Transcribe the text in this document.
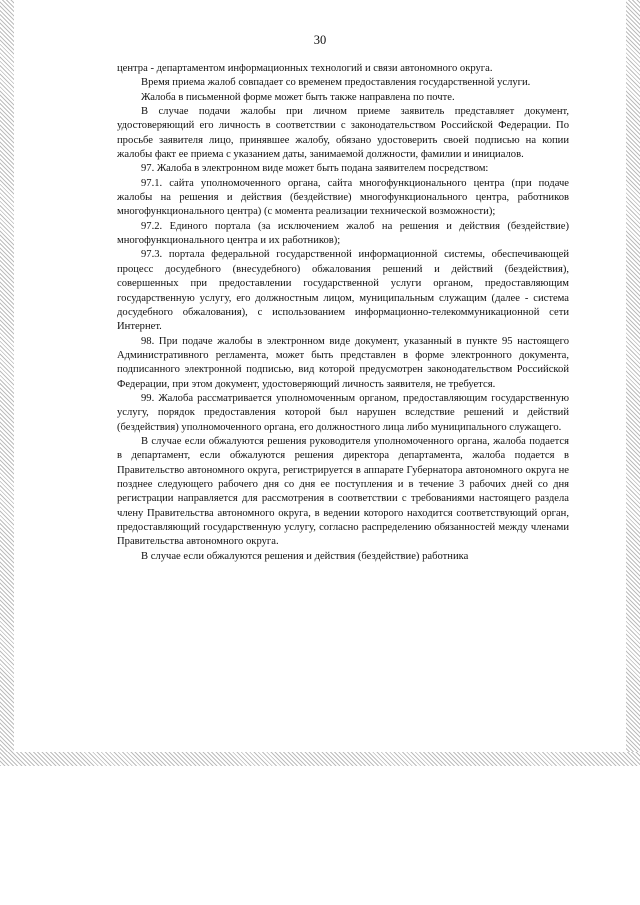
30

центра - департаментом информационных технологий и связи автономного округа.

Время приема жалоб совпадает со временем предоставления государственной услуги.

Жалоба в письменной форме может быть также направлена по почте.

В случае подачи жалобы при личном приеме заявитель представляет документ, удостоверяющий его личность в соответствии с законодательством Российской Федерации. По просьбе заявителя лицо, принявшее жалобу, обязано удостоверить своей подписью на копии жалобы факт ее приема с указанием даты, занимаемой должности, фамилии и инициалов.

97. Жалоба в электронном виде может быть подана заявителем посредством:

97.1. сайта уполномоченного органа, сайта многофункционального центра (при подаче жалобы на решения и действия (бездействие) многофункционального центра, работников многофункционального центра) (с момента реализации технической возможности);

97.2. Единого портала (за исключением жалоб на решения и действия (бездействие) многофункционального центра и их работников);

97.3. портала федеральной государственной информационной системы, обеспечивающей процесс досудебного (внесудебного) обжалования решений и действий (бездействия), совершенных при предоставлении государственной услуги органом, предоставляющим государственную услугу, его должностным лицом, муниципальным служащим (далее - система досудебного обжалования), с использованием информационно-телекоммуникационной сети Интернет.

98. При подаче жалобы в электронном виде документ, указанный в пункте 95 настоящего Административного регламента, может быть представлен в форме электронного документа, подписанного электронной подписью, вид которой предусмотрен законодательством Российской Федерации, при этом документ, удостоверяющий личность заявителя, не требуется.

99. Жалоба рассматривается уполномоченным органом, предоставляющим государственную услугу, порядок предоставления которой был нарушен вследствие решений и действий (бездействия) уполномоченного органа, его должностного лица либо муниципального служащего.

В случае если обжалуются решения руководителя уполномоченного органа, жалоба подается в департамент, если обжалуются решения директора департамента, жалоба подается в Правительство автономного округа, регистрируется в аппарате Губернатора автономного округа не позднее следующего рабочего дня со дня ее поступления и в течение 3 рабочих дней со дня регистрации направляется для рассмотрения в соответствии с требованиями настоящего раздела члену Правительства автономного округа, в ведении которого находится соответствующий орган, предоставляющий государственную услугу, согласно распределению обязанностей между членами Правительства автономного округа.

В случае если обжалуются решения и действия (бездействие) работника
